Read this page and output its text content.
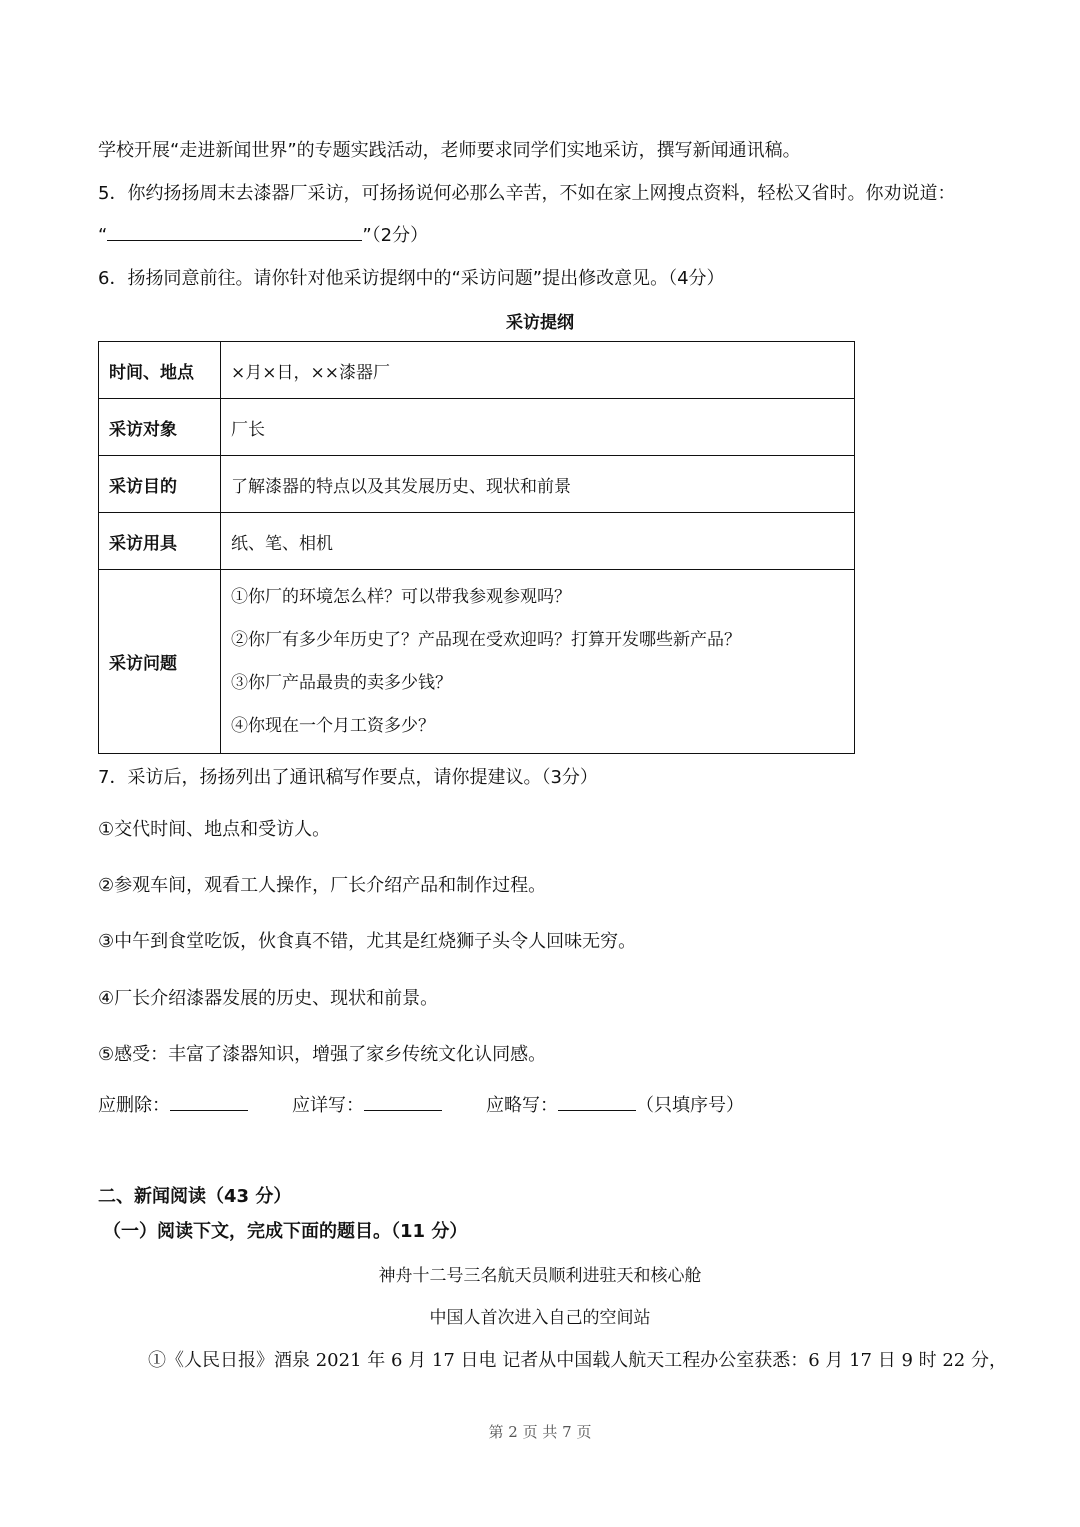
学校开展“走进新闻世界”的专题实践活动，老师要求同学们实地采访，撰写新闻通讯稿。
5．你约扬扬周末去漆器厂采访，可扬扬说何必那么辛苦，不如在家上网搜点资料，轻松又省时。你劝说道：
“	”（2分）
6．扬扬同意前往。请你针对他采访提纲中的“采访问题”提出修改意见。（4分）
采访提纲
时间、地点	×月×日，××漆器厂
采访对象	厂长
采访目的	了解漆器的特点以及其发展历史、现状和前景
采访用具	纸、笔、相机
采访问题	①你厂的环境怎么样？可以带我参观参观吗？
②你厂有多少年历史了？产品现在受欢迎吗？打算开发哪些新产品？
③你厂产品最贵的卖多少钱？
④你现在一个月工资多少？
7．采访后，扬扬列出了通讯稿写作要点，请你提建议。（3分）
①交代时间、地点和受访人。
②参观车间，观看工人操作，厂长介绍产品和制作过程。
③中午到食堂吃饭，伙食真不错，尤其是红烧狮子头令人回味无穷。
④厂长介绍漆器发展的历史、现状和前景。
⑤感受：丰富了漆器知识，增强了家乡传统文化认同感。
应删除：	应详写：	应略写：	（只填序号）
二、新闻阅读（43 分）
（一）阅读下文，完成下面的题目。（11 分）
神舟十二号三名航天员顺利进驻天和核心舱
中国人首次进入自己的空间站
①《人民日报》酒泉 2021 年 6 月 17 日电 记者从中国载人航天工程办公室获悉：6 月 17 日 9 时 22 分，
第 2 页 共 7 页
